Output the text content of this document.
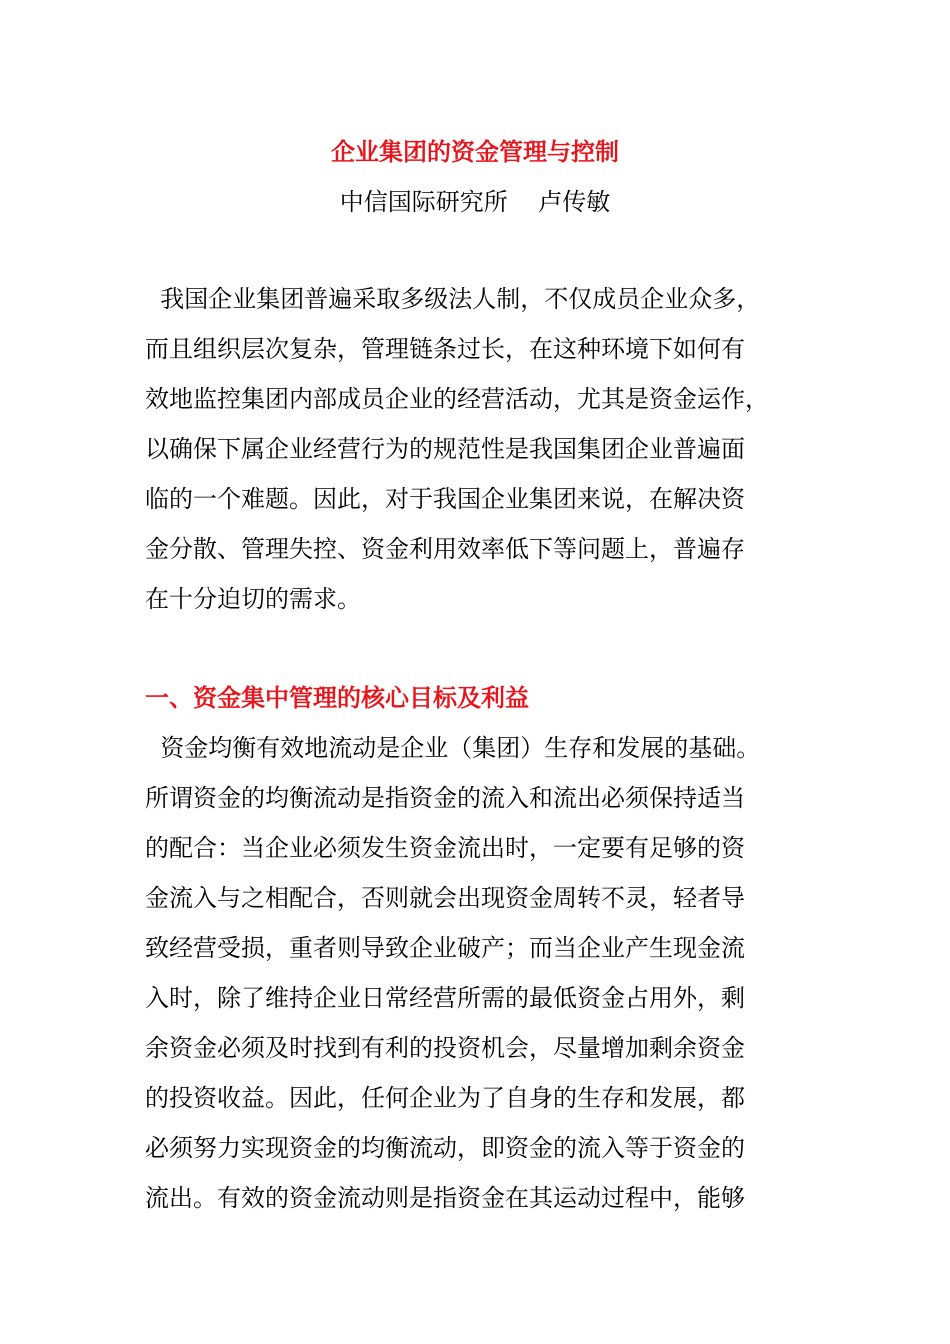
企业集团的资金管理与控制
中信国际研究所    卢传敏
我国企业集团普遍采取多级法人制，不仅成员企业众多，
而且组织层次复杂，管理链条过长，在这种环境下如何有
效地监控集团内部成员企业的经营活动，尤其是资金运作，
以确保下属企业经营行为的规范性是我国集团企业普遍面
临的一个难题。因此，对于我国企业集团来说，在解决资
金分散、管理失控、资金利用效率低下等问题上，普遍存
在十分迫切的需求。
一、资金集中管理的核心目标及利益
资金均衡有效地流动是企业（集团）生存和发展的基础。
所谓资金的均衡流动是指资金的流入和流出必须保持适当
的配合：当企业必须发生资金流出时，一定要有足够的资
金流入与之相配合，否则就会出现资金周转不灵，轻者导
致经营受损，重者则导致企业破产；而当企业产生现金流
入时，除了维持企业日常经营所需的最低资金占用外，剩
余资金必须及时找到有利的投资机会，尽量增加剩余资金
的投资收益。因此，任何企业为了自身的生存和发展，都
必须努力实现资金的均衡流动，即资金的流入等于资金的
流出。有效的资金流动则是指资金在其运动过程中，能够
